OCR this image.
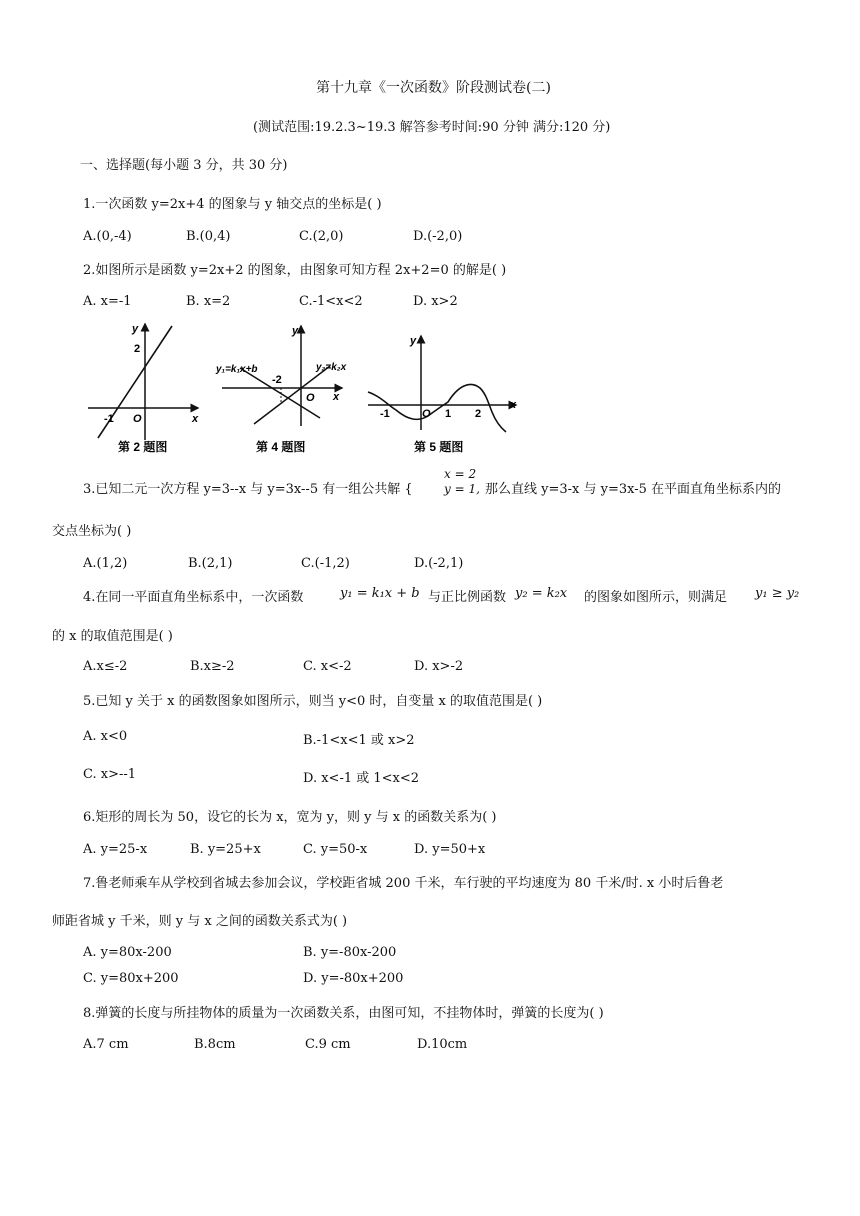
第十九章《一次函数》阶段测试卷(二)
(测试范围:19.2.3~19.3 解答参考时间:90 分钟 满分:120 分)
一、选择题(每小题 3 分，共 30 分)
1.一次函数 y=2x+4 的图象与 y 轴交点的坐标是( )
A.(0,-4)	B.(0,4)	C.(2,0)	D.(-2,0)
2.如图所示是函数 y=2x+2 的图象，由图象可知方程 2x+2=0 的解是( )
A. x=-1	B. x=2	C.-1<x<2	D. x>2
y
x
2
-1 O
第 2 题图
y
x
O
-2
y₁=k₁x+b	y₂=k₂x
第 4 题图
y
x
O
-1	1 2
第 5 题图
3.已知二元一次方程 y=3--x 与 y=3x--5 有一组公共解 {
x = 2
y = 1, 那么直线 y=3-x 与 y=3x-5 在平面直角坐标系内的
交点坐标为( )
A.(1,2)	B.(2,1)	C.(-1,2)	D.(-2,1)
4.在同一平面直角坐标系中，一次函数	y₁ = k₁x + b 与正比例函数 y₂ = k₂x 的图象如图所示，则满足 y₁ ≥ y₂
的 x 的取值范围是( )
A.x≤-2	B.x≥-2	C. x<-2	D. x>-2
5.已知 y 关于 x 的函数图象如图所示，则当 y<0 时，自变量 x 的取值范围是( )
A. x<0	B.-1<x<1 或 x>2
C. x>--1	D. x<-1 或 1<x<2
6.矩形的周长为 50，设它的长为 x，宽为 y，则 y 与 x 的函数关系为( )
A. y=25-x	B. y=25+x	C. y=50-x	D. y=50+x
7.鲁老师乘车从学校到省城去参加会议，学校距省城 200 千米，车行驶的平均速度为 80 千米/时. x 小时后鲁老
师距省城 y 千米，则 y 与 x 之间的函数关系式为( )
A. y=80x-200	B. y=-80x-200
C. y=80x+200	D. y=-80x+200
8.弹簧的长度与所挂物体的质量为一次函数关系，由图可知，不挂物体时，弹簧的长度为( )
A.7 cm	B.8cm	C.9 cm	D.10cm
